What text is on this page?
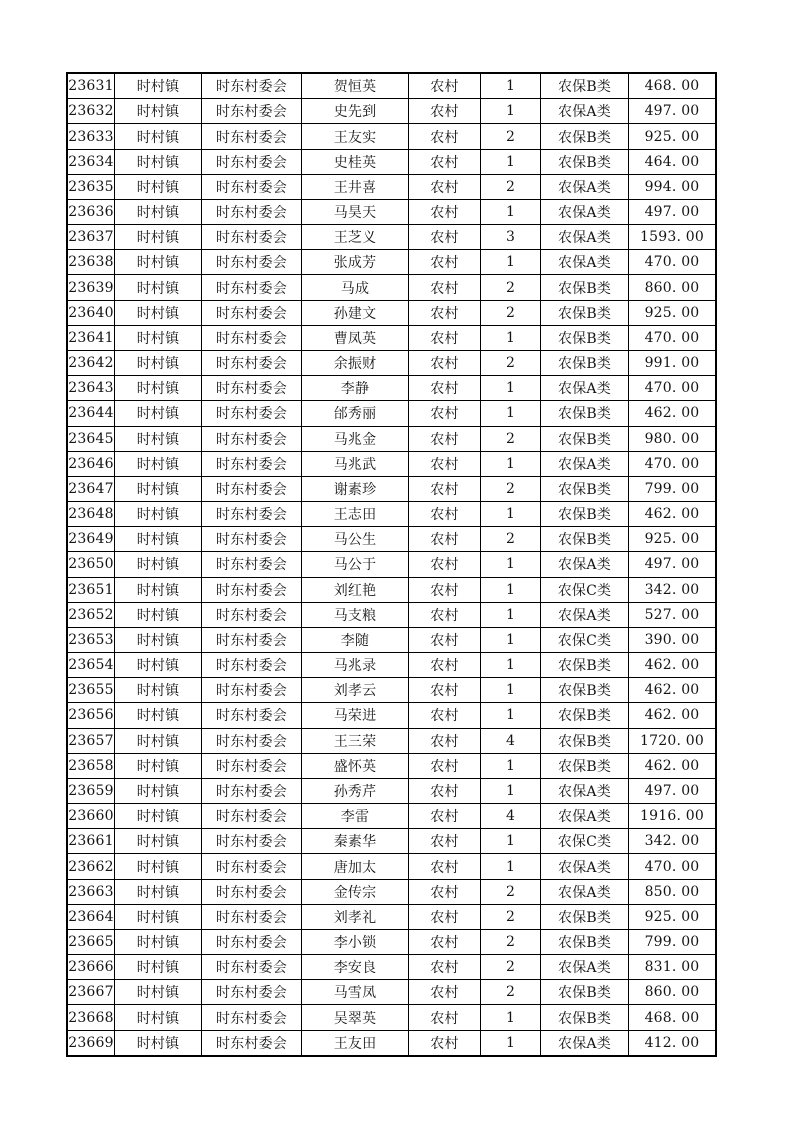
23631	时村镇	时东村委会	贺恒英	农村	1	农保B类	468. 00
23632	时村镇	时东村委会	史先到	农村	1	农保A类	497. 00
23633	时村镇	时东村委会	王友实	农村	2	农保B类	925. 00
23634	时村镇	时东村委会	史桂英	农村	1	农保B类	464. 00
23635	时村镇	时东村委会	王井喜	农村	2	农保A类	994. 00
23636	时村镇	时东村委会	马昊天	农村	1	农保A类	497. 00
23637	时村镇	时东村委会	王芝义	农村	3	农保A类	1593. 00
23638	时村镇	时东村委会	张成芳	农村	1	农保A类	470. 00
23639	时村镇	时东村委会	马成	农村	2	农保B类	860. 00
23640	时村镇	时东村委会	孙建文	农村	2	农保B类	925. 00
23641	时村镇	时东村委会	曹凤英	农村	1	农保B类	470. 00
23642	时村镇	时东村委会	余振财	农村	2	农保B类	991. 00
23643	时村镇	时东村委会	李静	农村	1	农保A类	470. 00
23644	时村镇	时东村委会	邰秀丽	农村	1	农保B类	462. 00
23645	时村镇	时东村委会	马兆金	农村	2	农保B类	980. 00
23646	时村镇	时东村委会	马兆武	农村	1	农保A类	470. 00
23647	时村镇	时东村委会	谢素珍	农村	2	农保B类	799. 00
23648	时村镇	时东村委会	王志田	农村	1	农保B类	462. 00
23649	时村镇	时东村委会	马公生	农村	2	农保B类	925. 00
23650	时村镇	时东村委会	马公于	农村	1	农保A类	497. 00
23651	时村镇	时东村委会	刘红艳	农村	1	农保C类	342. 00
23652	时村镇	时东村委会	马支粮	农村	1	农保A类	527. 00
23653	时村镇	时东村委会	李随	农村	1	农保C类	390. 00
23654	时村镇	时东村委会	马兆录	农村	1	农保B类	462. 00
23655	时村镇	时东村委会	刘孝云	农村	1	农保B类	462. 00
23656	时村镇	时东村委会	马荣进	农村	1	农保B类	462. 00
23657	时村镇	时东村委会	王三荣	农村	4	农保B类	1720. 00
23658	时村镇	时东村委会	盛怀英	农村	1	农保B类	462. 00
23659	时村镇	时东村委会	孙秀芹	农村	1	农保A类	497. 00
23660	时村镇	时东村委会	李雷	农村	4	农保A类	1916. 00
23661	时村镇	时东村委会	秦素华	农村	1	农保C类	342. 00
23662	时村镇	时东村委会	唐加太	农村	1	农保A类	470. 00
23663	时村镇	时东村委会	金传宗	农村	2	农保A类	850. 00
23664	时村镇	时东村委会	刘孝礼	农村	2	农保B类	925. 00
23665	时村镇	时东村委会	李小锁	农村	2	农保B类	799. 00
23666	时村镇	时东村委会	李安良	农村	2	农保A类	831. 00
23667	时村镇	时东村委会	马雪凤	农村	2	农保B类	860. 00
23668	时村镇	时东村委会	吴翠英	农村	1	农保B类	468. 00
23669	时村镇	时东村委会	王友田	农村	1	农保A类	412. 00
